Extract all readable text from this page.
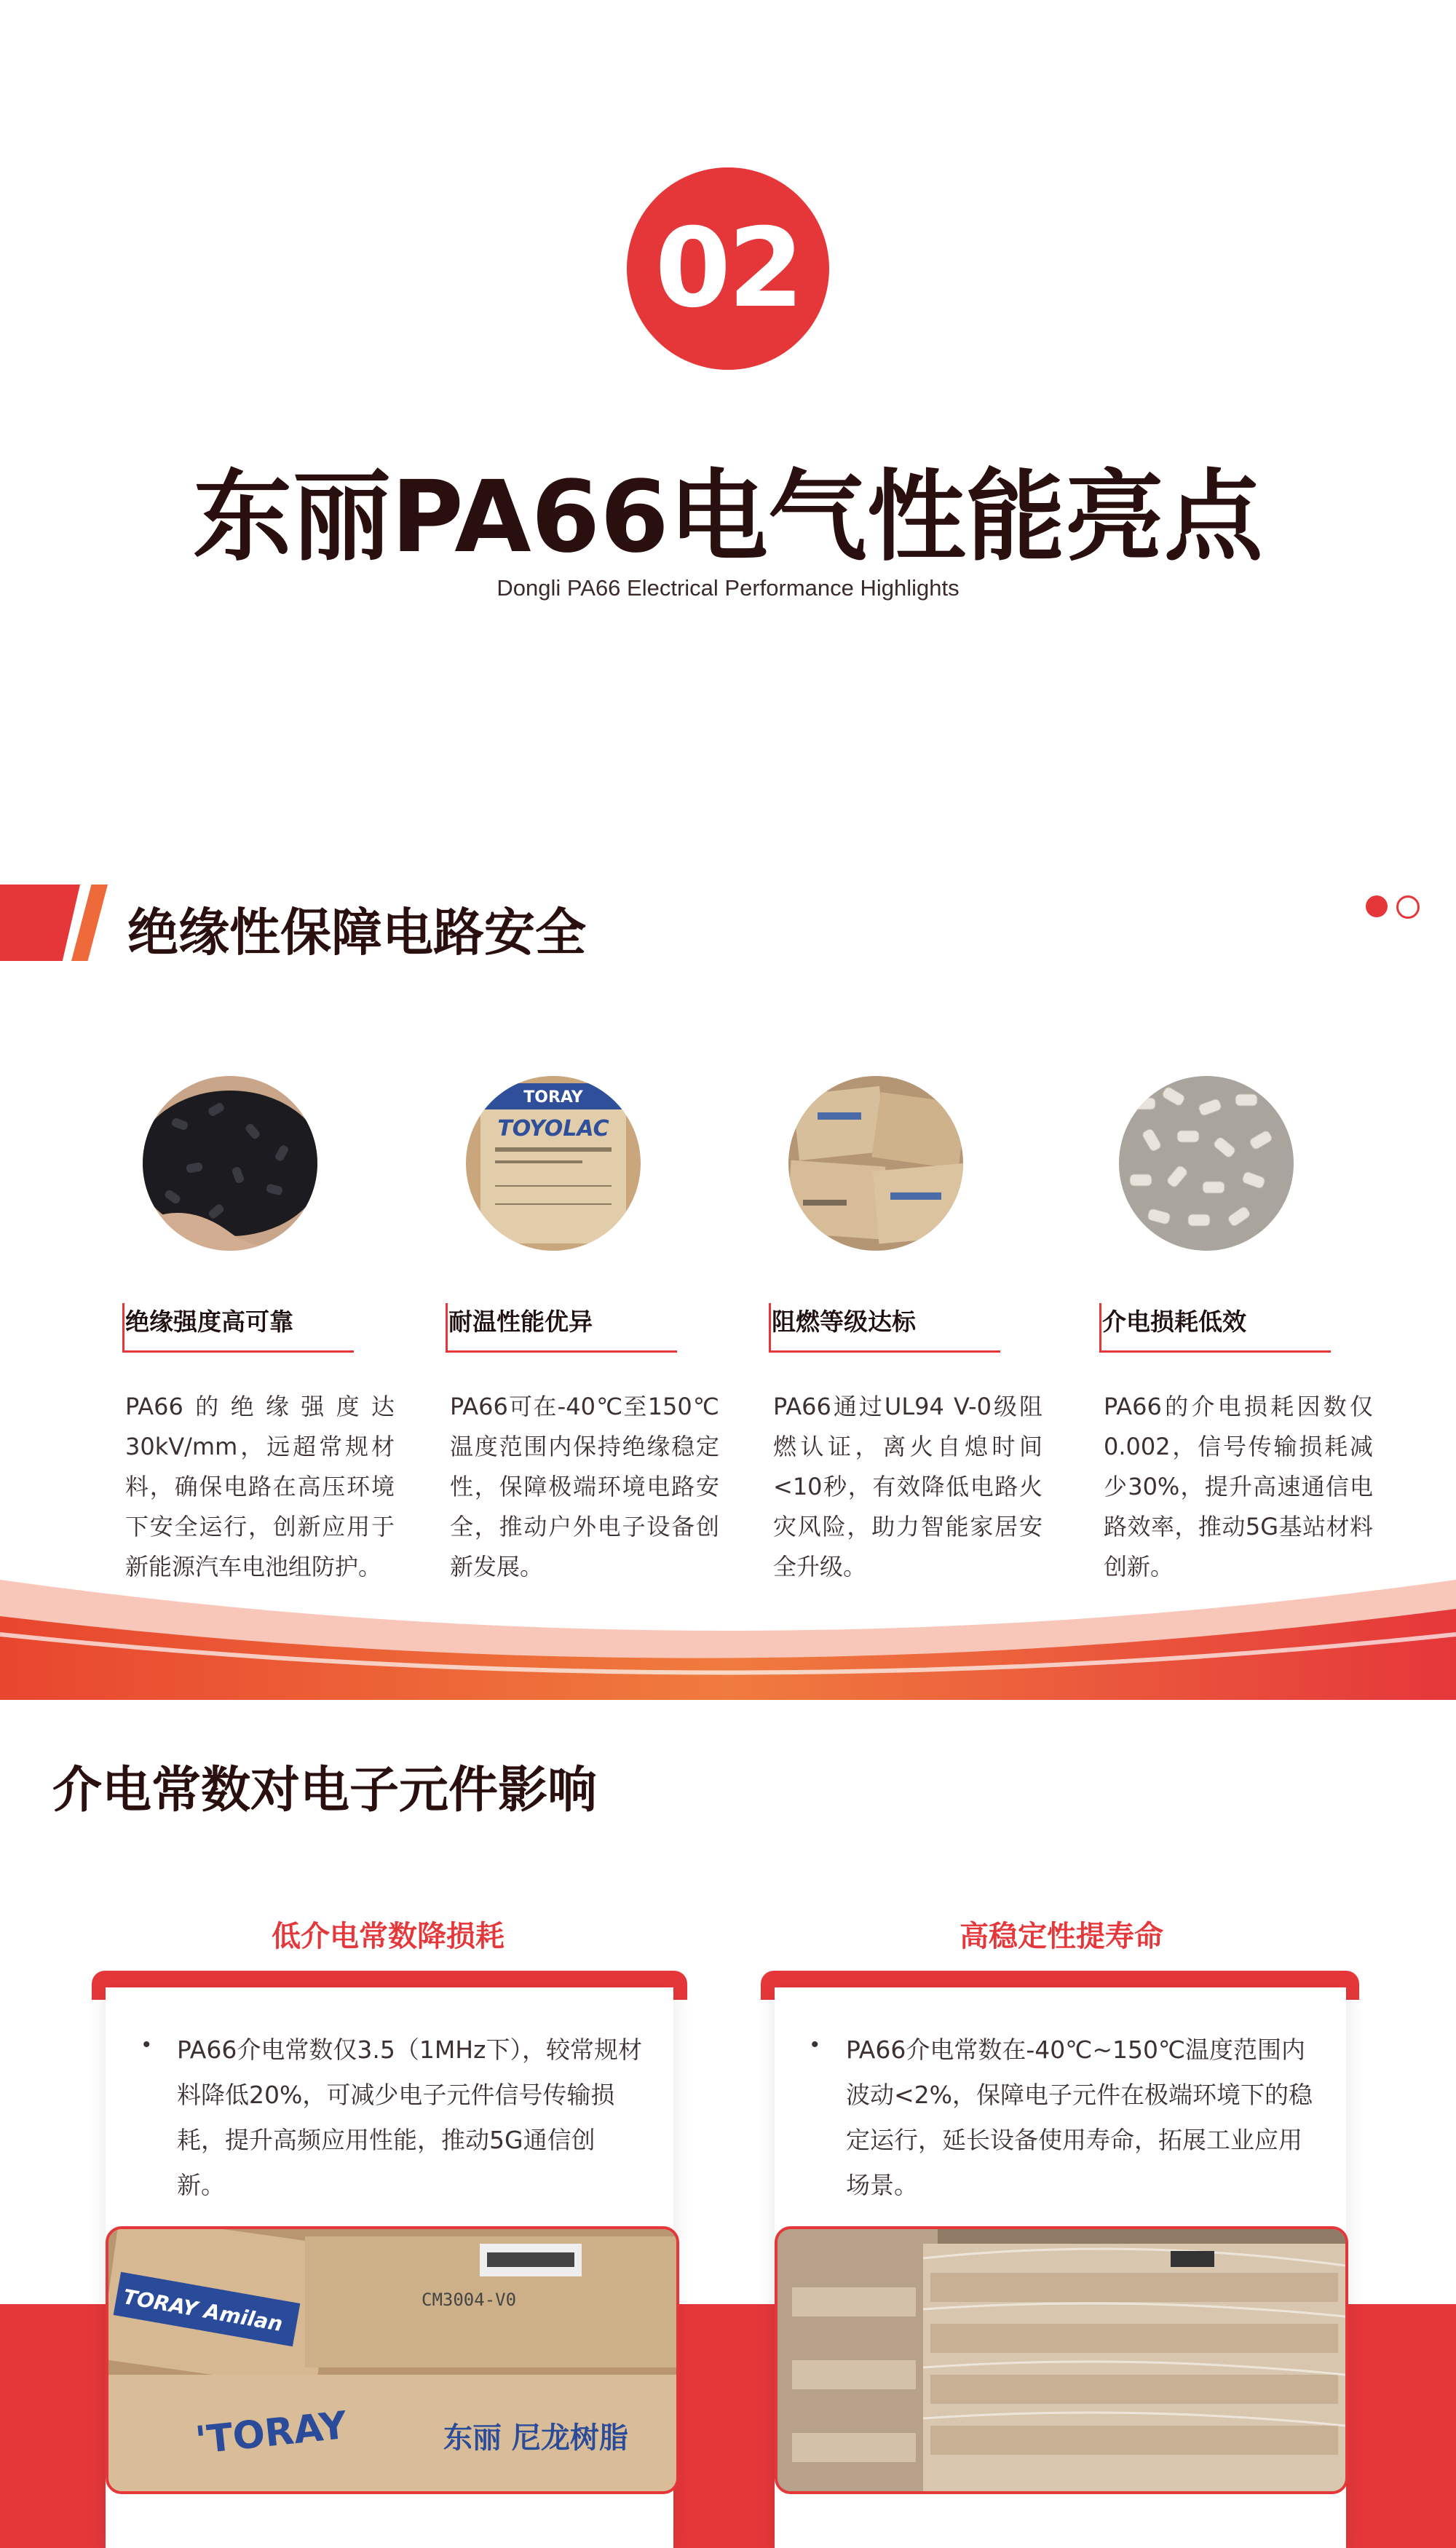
02
东丽PA66电气性能亮点
Dongli PA66 Electrical Performance Highlights
绝缘性保障电路安全
绝缘强度高可靠
PA66的绝缘强度达30kV/mm，远超常规材料，确保电路在高压环境下安全运行，创新应用于新能源汽车电池组防护。
TORAY
TOYOLAC
耐温性能优异
PA66可在-40℃至150℃温度范围内保持绝缘稳定性，保障极端环境电路安全，推动户外电子设备创新发展。
阻燃等级达标
PA66通过UL94 V-0级阻燃认证，离火自熄时间<10秒，有效降低电路火灾风险，助力智能家居安全升级。
介电损耗低效
PA66的介电损耗因数仅0.002，信号传输损耗减少30%，提升高速通信电路效率，推动5G基站材料创新。
介电常数对电子元件影响
低介电常数降损耗
• PA66介电常数仅3.5（1MHz下），较常规材料降低20%，可减少电子元件信号传输损耗，提升高频应用性能，推动5G通信创新。
TORAY Amilan	CM3004-V0
'TORAY	东丽 尼龙树脂
高稳定性提寿命
• PA66介电常数在-40℃~150℃温度范围内波动<2%，保障电子元件在极端环境下的稳定运行，延长设备使用寿命，拓展工业应用场景。
